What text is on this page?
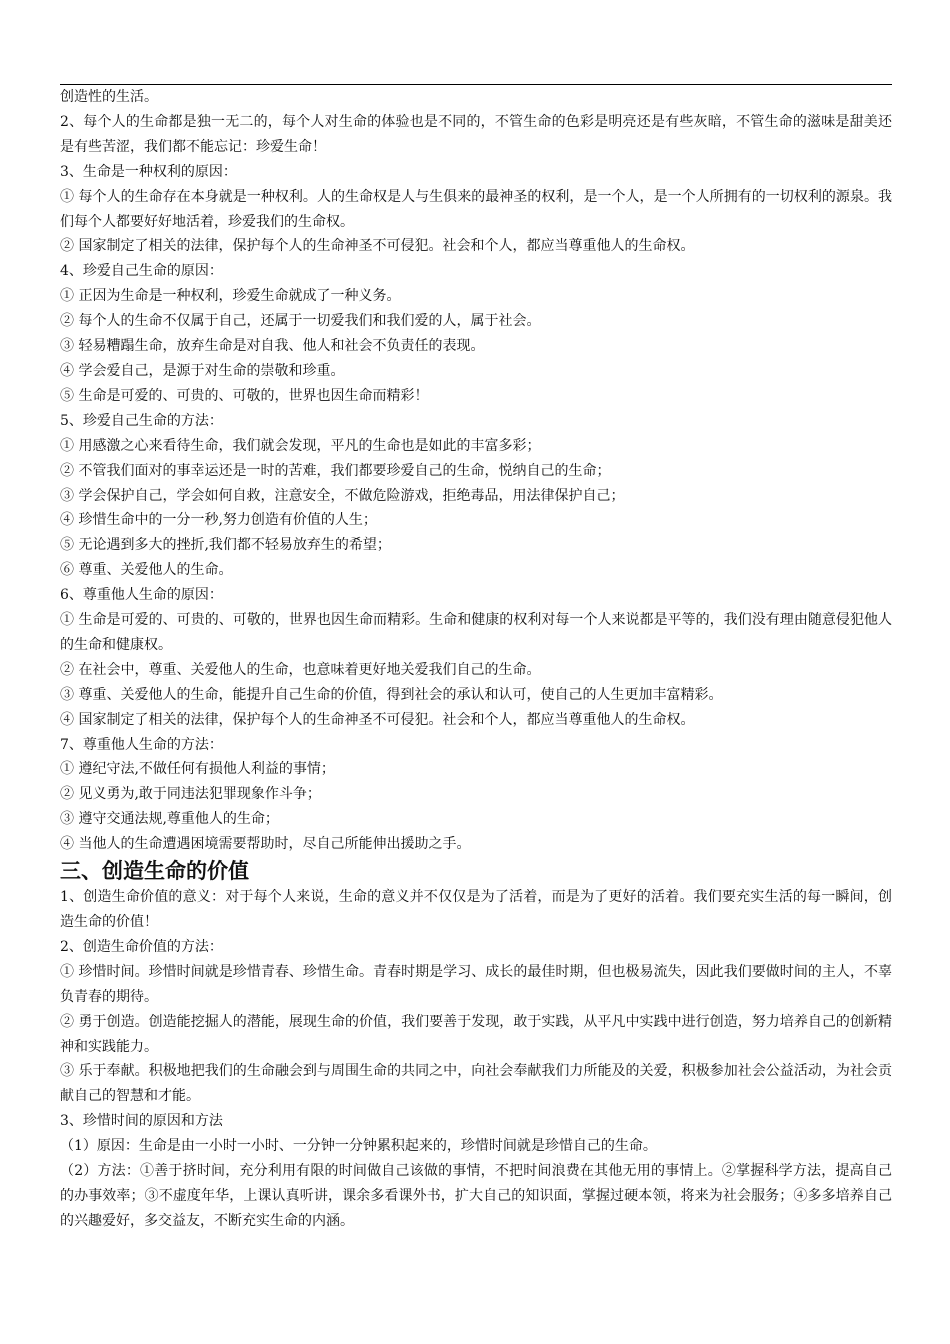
创造性的生活。

2、每个人的生命都是独一无二的，每个人对生命的体验也是不同的，不管生命的色彩是明亮还是有些灰暗，不管生命的滋味是甜美还是有些苦涩，我们都不能忘记：珍爱生命！

3、生命是一种权利的原因：

① 每个人的生命存在本身就是一种权利。人的生命权是人与生俱来的最神圣的权利，是一个人，是一个人所拥有的一切权利的源泉。我们每个人都要好好地活着，珍爱我们的生命权。

② 国家制定了相关的法律，保护每个人的生命神圣不可侵犯。社会和个人，都应当尊重他人的生命权。

4、珍爱自己生命的原因：

① 正因为生命是一种权利，珍爱生命就成了一种义务。

② 每个人的生命不仅属于自己，还属于一切爱我们和我们爱的人，属于社会。

③ 轻易糟蹋生命，放弃生命是对自我、他人和社会不负责任的表现。

④ 学会爱自己，是源于对生命的崇敬和珍重。

⑤ 生命是可爱的、可贵的、可敬的，世界也因生命而精彩！

5、珍爱自己生命的方法：

① 用感激之心来看待生命，我们就会发现，平凡的生命也是如此的丰富多彩；

② 不管我们面对的事幸运还是一时的苦难，我们都要珍爱自己的生命，悦纳自己的生命；

③ 学会保护自己，学会如何自救，注意安全，不做危险游戏，拒绝毒品，用法律保护自己；

④ 珍惜生命中的一分一秒,努力创造有价值的人生；

⑤ 无论遇到多大的挫折,我们都不轻易放弃生的希望；

⑥ 尊重、关爱他人的生命。

6、尊重他人生命的原因：

① 生命是可爱的、可贵的、可敬的，世界也因生命而精彩。生命和健康的权利对每一个人来说都是平等的，我们没有理由随意侵犯他人的生命和健康权。

② 在社会中，尊重、关爱他人的生命，也意味着更好地关爱我们自己的生命。

③ 尊重、关爱他人的生命，能提升自己生命的价值，得到社会的承认和认可，使自己的人生更加丰富精彩。

④ 国家制定了相关的法律，保护每个人的生命神圣不可侵犯。社会和个人，都应当尊重他人的生命权。

7、尊重他人生命的方法：

① 遵纪守法,不做任何有损他人利益的事情；

② 见义勇为,敢于同违法犯罪现象作斗争；

③ 遵守交通法规,尊重他人的生命；

④ 当他人的生命遭遇困境需要帮助时，尽自己所能伸出援助之手。

三、创造生命的价值

1、创造生命价值的意义：对于每个人来说，生命的意义并不仅仅是为了活着，而是为了更好的活着。我们要充实生活的每一瞬间，创造生命的价值！

2、创造生命价值的方法：

① 珍惜时间。珍惜时间就是珍惜青春、珍惜生命。青春时期是学习、成长的最佳时期，但也极易流失，因此我们要做时间的主人，不辜负青春的期待。

② 勇于创造。创造能挖掘人的潜能，展现生命的价值，我们要善于发现，敢于实践，从平凡中实践中进行创造，努力培养自己的创新精神和实践能力。

③ 乐于奉献。积极地把我们的生命融会到与周围生命的共同之中，向社会奉献我们力所能及的关爱，积极参加社会公益活动，为社会贡献自己的智慧和才能。

3、珍惜时间的原因和方法

（1）原因：生命是由一小时一小时、一分钟一分钟累积起来的，珍惜时间就是珍惜自己的生命。

（2）方法：①善于挤时间，充分利用有限的时间做自己该做的事情，不把时间浪费在其他无用的事情上。②掌握科学方法，提高自己的办事效率；③不虚度年华，上课认真听讲，课余多看课外书，扩大自己的知识面，掌握过硬本领，将来为社会服务；④多多培养自己的兴趣爱好，多交益友，不断充实生命的内涵。
